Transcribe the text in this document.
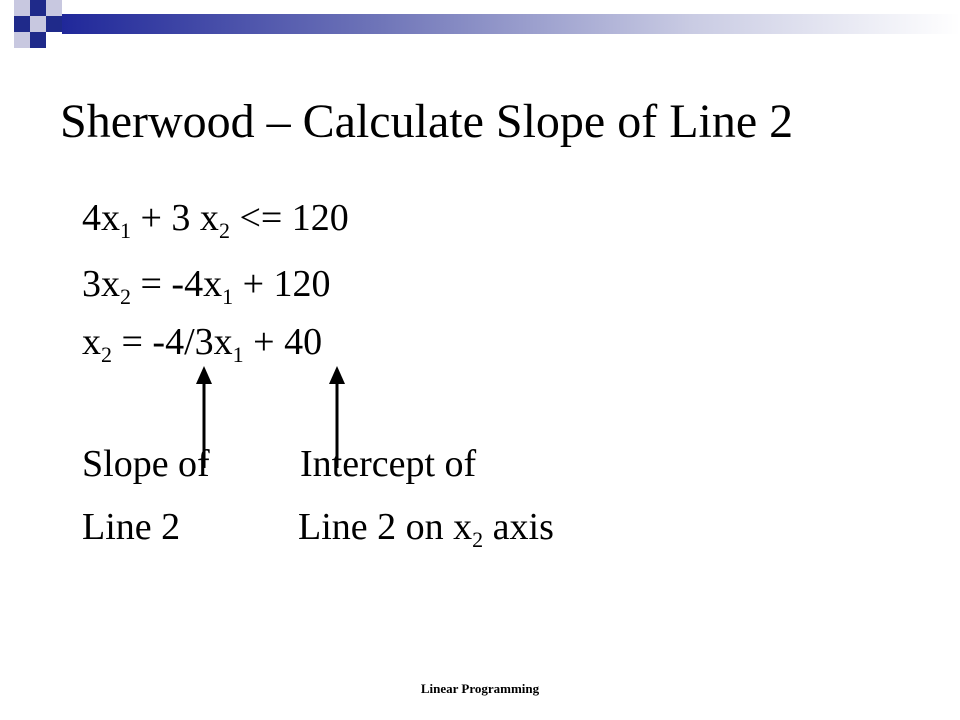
Sherwood – Calculate Slope of Line 2
$4x_1 + 3$ $x_2 <= 120$
$3x_2 = -4x_1 + 120$
$x_2 = -4/3x_1 + 40$
Slope of
Line 2
Intercept of
Line 2 on $x_2$ axis
Linear Programming
